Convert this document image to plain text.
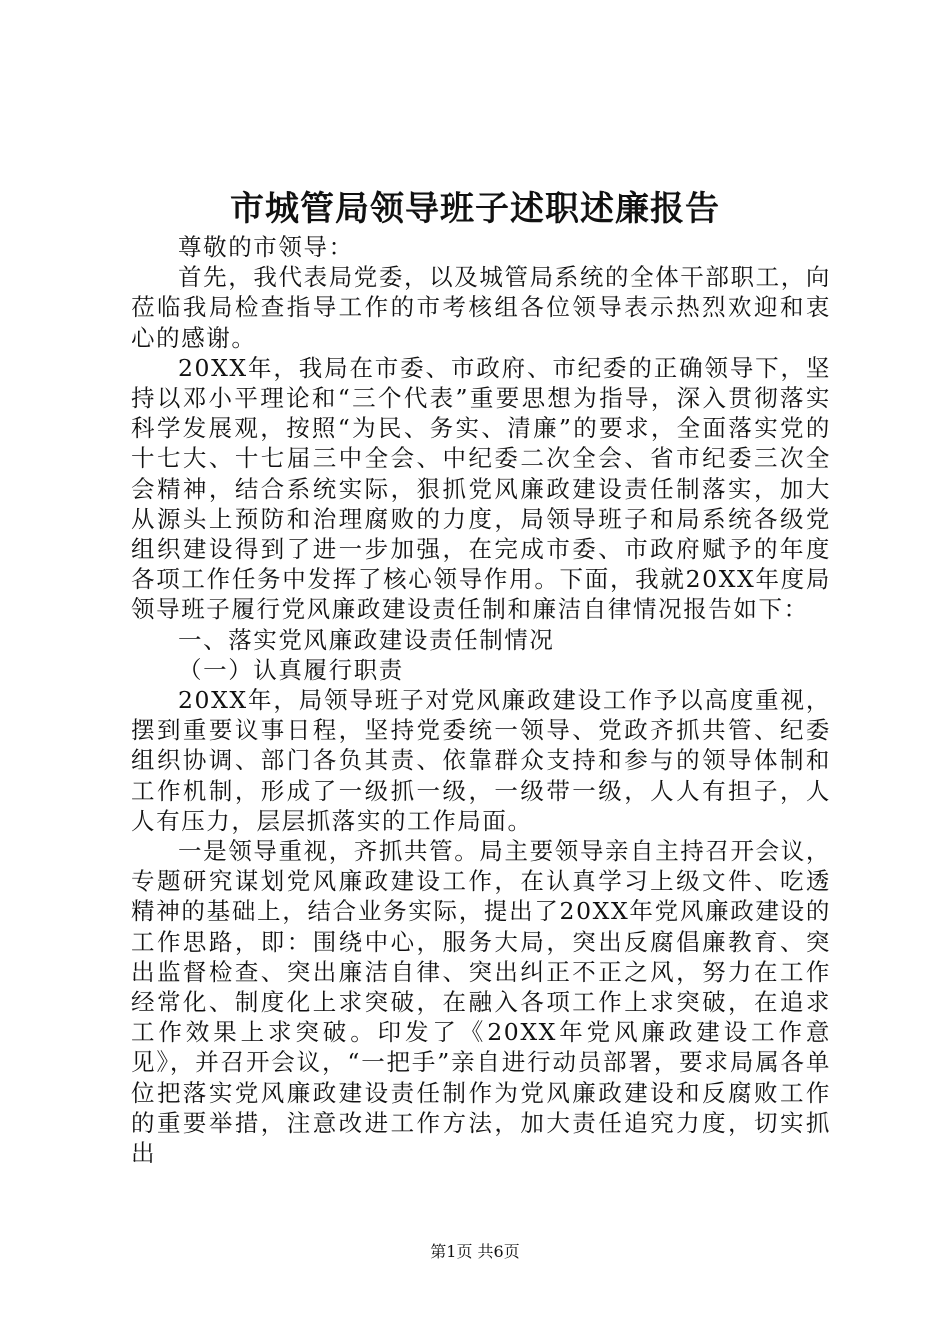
市城管局领导班子述职述廉报告

尊敬的市领导：

首先，我代表局党委，以及城管局系统的全体干部职工，向莅临我局检查指导工作的市考核组各位领导表示热烈欢迎和衷心的感谢。

20XX年，我局在市委、市政府、市纪委的正确领导下，坚持以邓小平理论和“三个代表”重要思想为指导，深入贯彻落实科学发展观，按照“为民、务实、清廉”的要求，全面落实党的十七大、十七届三中全会、中纪委二次全会、省市纪委三次全会精神，结合系统实际，狠抓党风廉政建设责任制落实，加大从源头上预防和治理腐败的力度，局领导班子和局系统各级党组织建设得到了进一步加强，在完成市委、市政府赋予的年度各项工作任务中发挥了核心领导作用。下面，我就20XX年度局领导班子履行党风廉政建设责任制和廉洁自律情况报告如下：

一、落实党风廉政建设责任制情况

（一）认真履行职责

20XX年，局领导班子对党风廉政建设工作予以高度重视，摆到重要议事日程，坚持党委统一领导、党政齐抓共管、纪委组织协调、部门各负其责、依靠群众支持和参与的领导体制和工作机制，形成了一级抓一级，一级带一级，人人有担子，人人有压力，层层抓落实的工作局面。

一是领导重视，齐抓共管。局主要领导亲自主持召开会议，专题研究谋划党风廉政建设工作，在认真学习上级文件、吃透精神的基础上，结合业务实际，提出了20XX年党风廉政建设的工作思路，即：围绕中心，服务大局，突出反腐倡廉教育、突出监督检查、突出廉洁自律、突出纠正不正之风，努力在工作经常化、制度化上求突破，在融入各项工作上求突破，在追求工作效果上求突破。印发了《20XX年党风廉政建设工作意见》，并召开会议，“一把手”亲自进行动员部署，要求局属各单位把落实党风廉政建设责任制作为党风廉政建设和反腐败工作的重要举措，注意改进工作方法，加大责任追究力度，切实抓出

第1页 共6页
